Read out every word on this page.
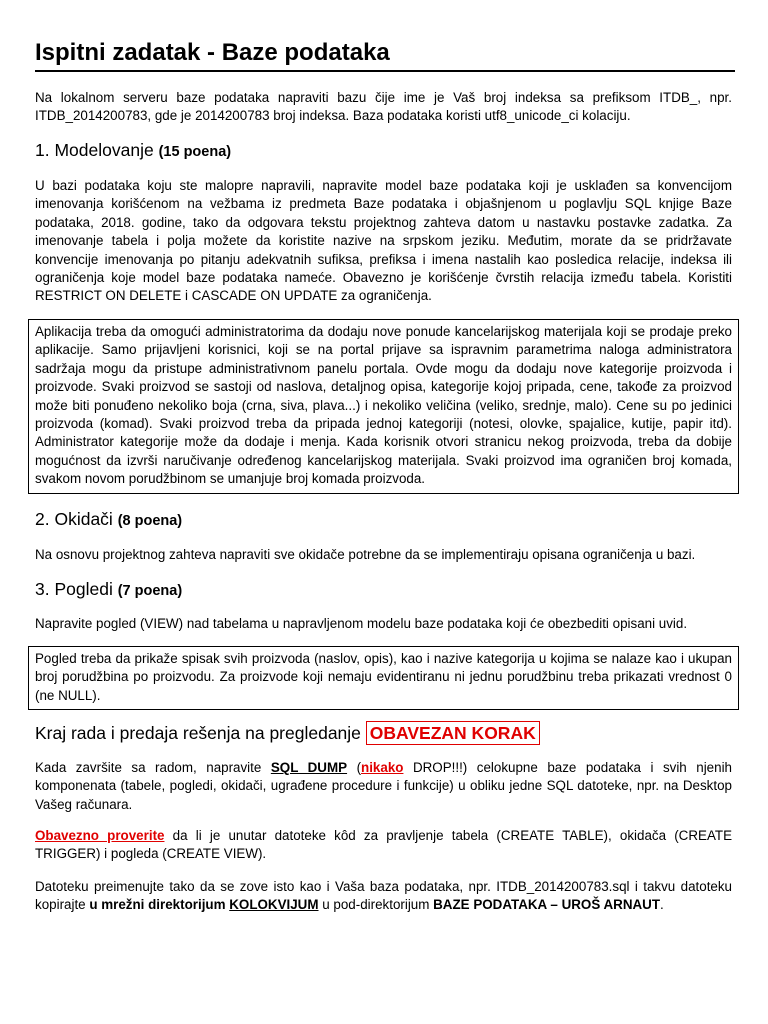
Ispitni zadatak - Baze podataka

Na lokalnom serveru baze podataka napraviti bazu čije ime je Vaš broj indeksa sa prefiksom ITDB_, npr. ITDB_2014200783, gde je 2014200783 broj indeksa. Baza podataka koristi utf8_unicode_ci kolaciju.

1. Modelovanje (15 poena)

U bazi podataka koju ste malopre napravili, napravite model baze podataka koji je usklađen sa konvencijom imenovanja korišćenom na vežbama iz predmeta Baze podataka i objašnjenom u poglavlju SQL knjige Baze podataka, 2018. godine, tako da odgovara tekstu projektnog zahteva datom u nastavku postavke zadatka. Za imenovanje tabela i polja možete da koristite nazive na srpskom jeziku. Međutim, morate da se pridržavate konvencije imenovanja po pitanju adekvatnih sufiksa, prefiksa i imena nastalih kao posledica relacije, indeksa ili ograničenja koje model baze podataka nameće. Obavezno je korišćenje čvrstih relacija između tabela. Koristiti RESTRICT ON DELETE i CASCADE ON UPDATE za ograničenja.

Aplikacija treba da omogući administratorima da dodaju nove ponude kancelarijskog materijala koji se prodaje preko aplikacije. Samo prijavljeni korisnici, koji se na portal prijave sa ispravnim parametrima naloga administratora sadržaja mogu da pristupe administrativnom panelu portala. Ovde mogu da dodaju nove kategorije proizvoda i proizvode. Svaki proizvod se sastoji od naslova, detaljnog opisa, kategorije kojoj pripada, cene, takođe za proizvod može biti ponuđeno nekoliko boja (crna, siva, plava...) i nekoliko veličina (veliko, srednje, malo). Cene su po jedinici proizvoda (komad). Svaki proizvod treba da pripada jednoj kategoriji (notesi, olovke, spajalice, kutije, papir itd). Administrator kategorije može da dodaje i menja. Kada korisnik otvori stranicu nekog proizvoda, treba da dobije mogućnost da izvrši naručivanje određenog kancelarijskog materijala. Svaki proizvod ima ograničen broj komada, svakom novom porudžbinom se umanjuje broj komada proizvoda.
2. Okidači (8 poena)

Na osnovu projektnog zahteva napraviti sve okidače potrebne da se implementiraju opisana ograničenja u bazi.

3. Pogledi (7 poena)

Napravite pogled (VIEW) nad tabelama u napravljenom modelu baze podataka koji će obezbediti opisani uvid.

Pogled treba da prikaže spisak svih proizvoda (naslov, opis), kao i nazive kategorija u kojima se nalaze kao i ukupan broj porudžbina po proizvodu. Za proizvode koji nemaju evidentiranu ni jednu porudžbinu treba prikazati vrednost 0 (ne NULL).
Kraj rada i predaja rešenja na pregledanje OBAVEZAN KORAK

Kada završite sa radom, napravite SQL DUMP (nikako DROP!!!) celokupne baze podataka i svih njenih komponenata (tabele, pogledi, okidači, ugrađene procedure i funkcije) u obliku jedne SQL datoteke, npr. na Desktop Vašeg računara.

Obavezno proverite da li je unutar datoteke kôd za pravljenje tabela (CREATE TABLE), okidača (CREATE TRIGGER) i pogleda (CREATE VIEW).

Datoteku preimenujte tako da se zove isto kao i Vaša baza podataka, npr. ITDB_2014200783.sql i takvu datoteku kopirajte u mrežni direktorijum KOLOKVIJUM u pod-direktorijum BAZE PODATAKA – UROŠ ARNAUT.
